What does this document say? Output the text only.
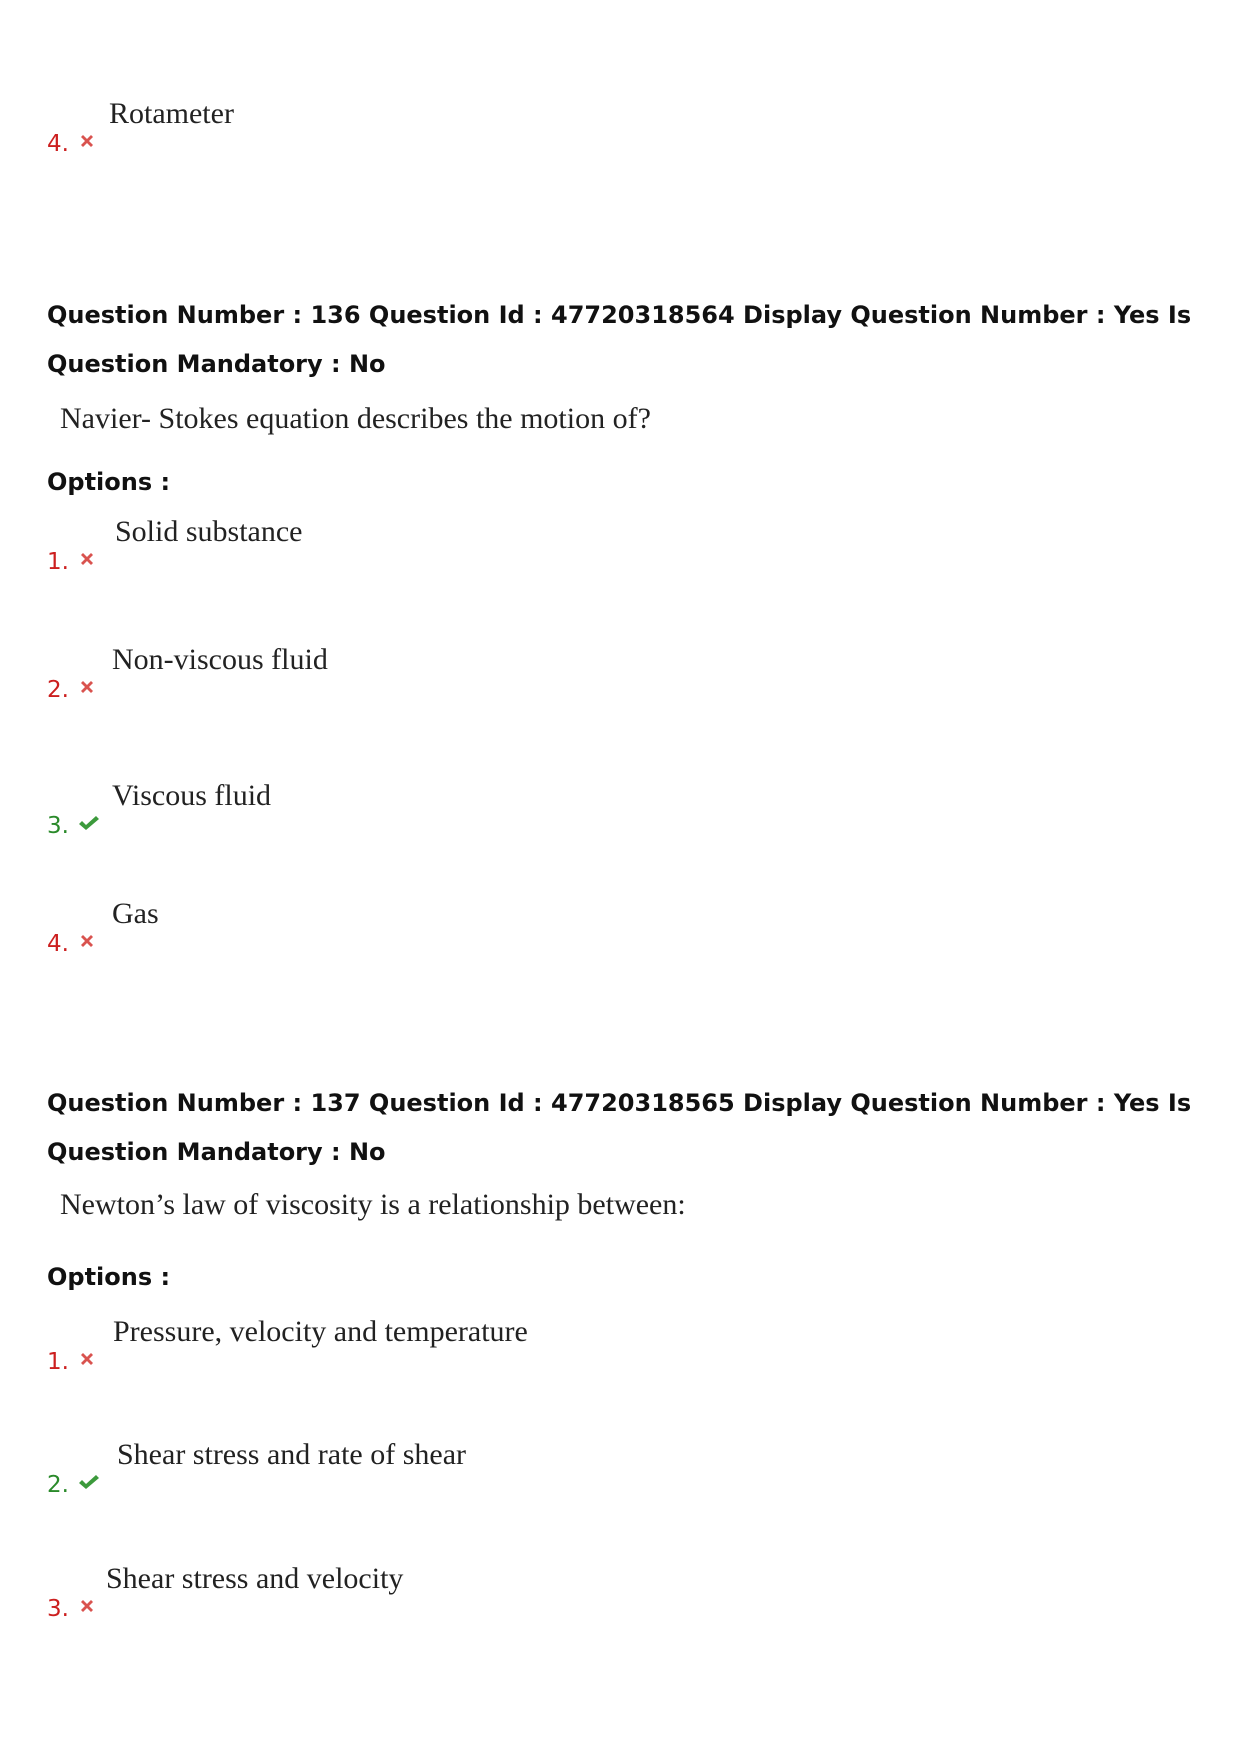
4.
Rotameter
Question Number : 136 Question Id : 47720318564 Display Question Number : Yes Is Question Mandatory : No
Navier- Stokes equation describes the motion of?
Options :
1.
Solid substance
2.
Non-viscous fluid
3.
Viscous fluid
4.
Gas
Question Number : 137 Question Id : 47720318565 Display Question Number : Yes Is Question Mandatory : No
Newton’s law of viscosity is a relationship between:
Options :
1.
Pressure, velocity and temperature
2.
Shear stress and rate of shear
3.
Shear stress and velocity
